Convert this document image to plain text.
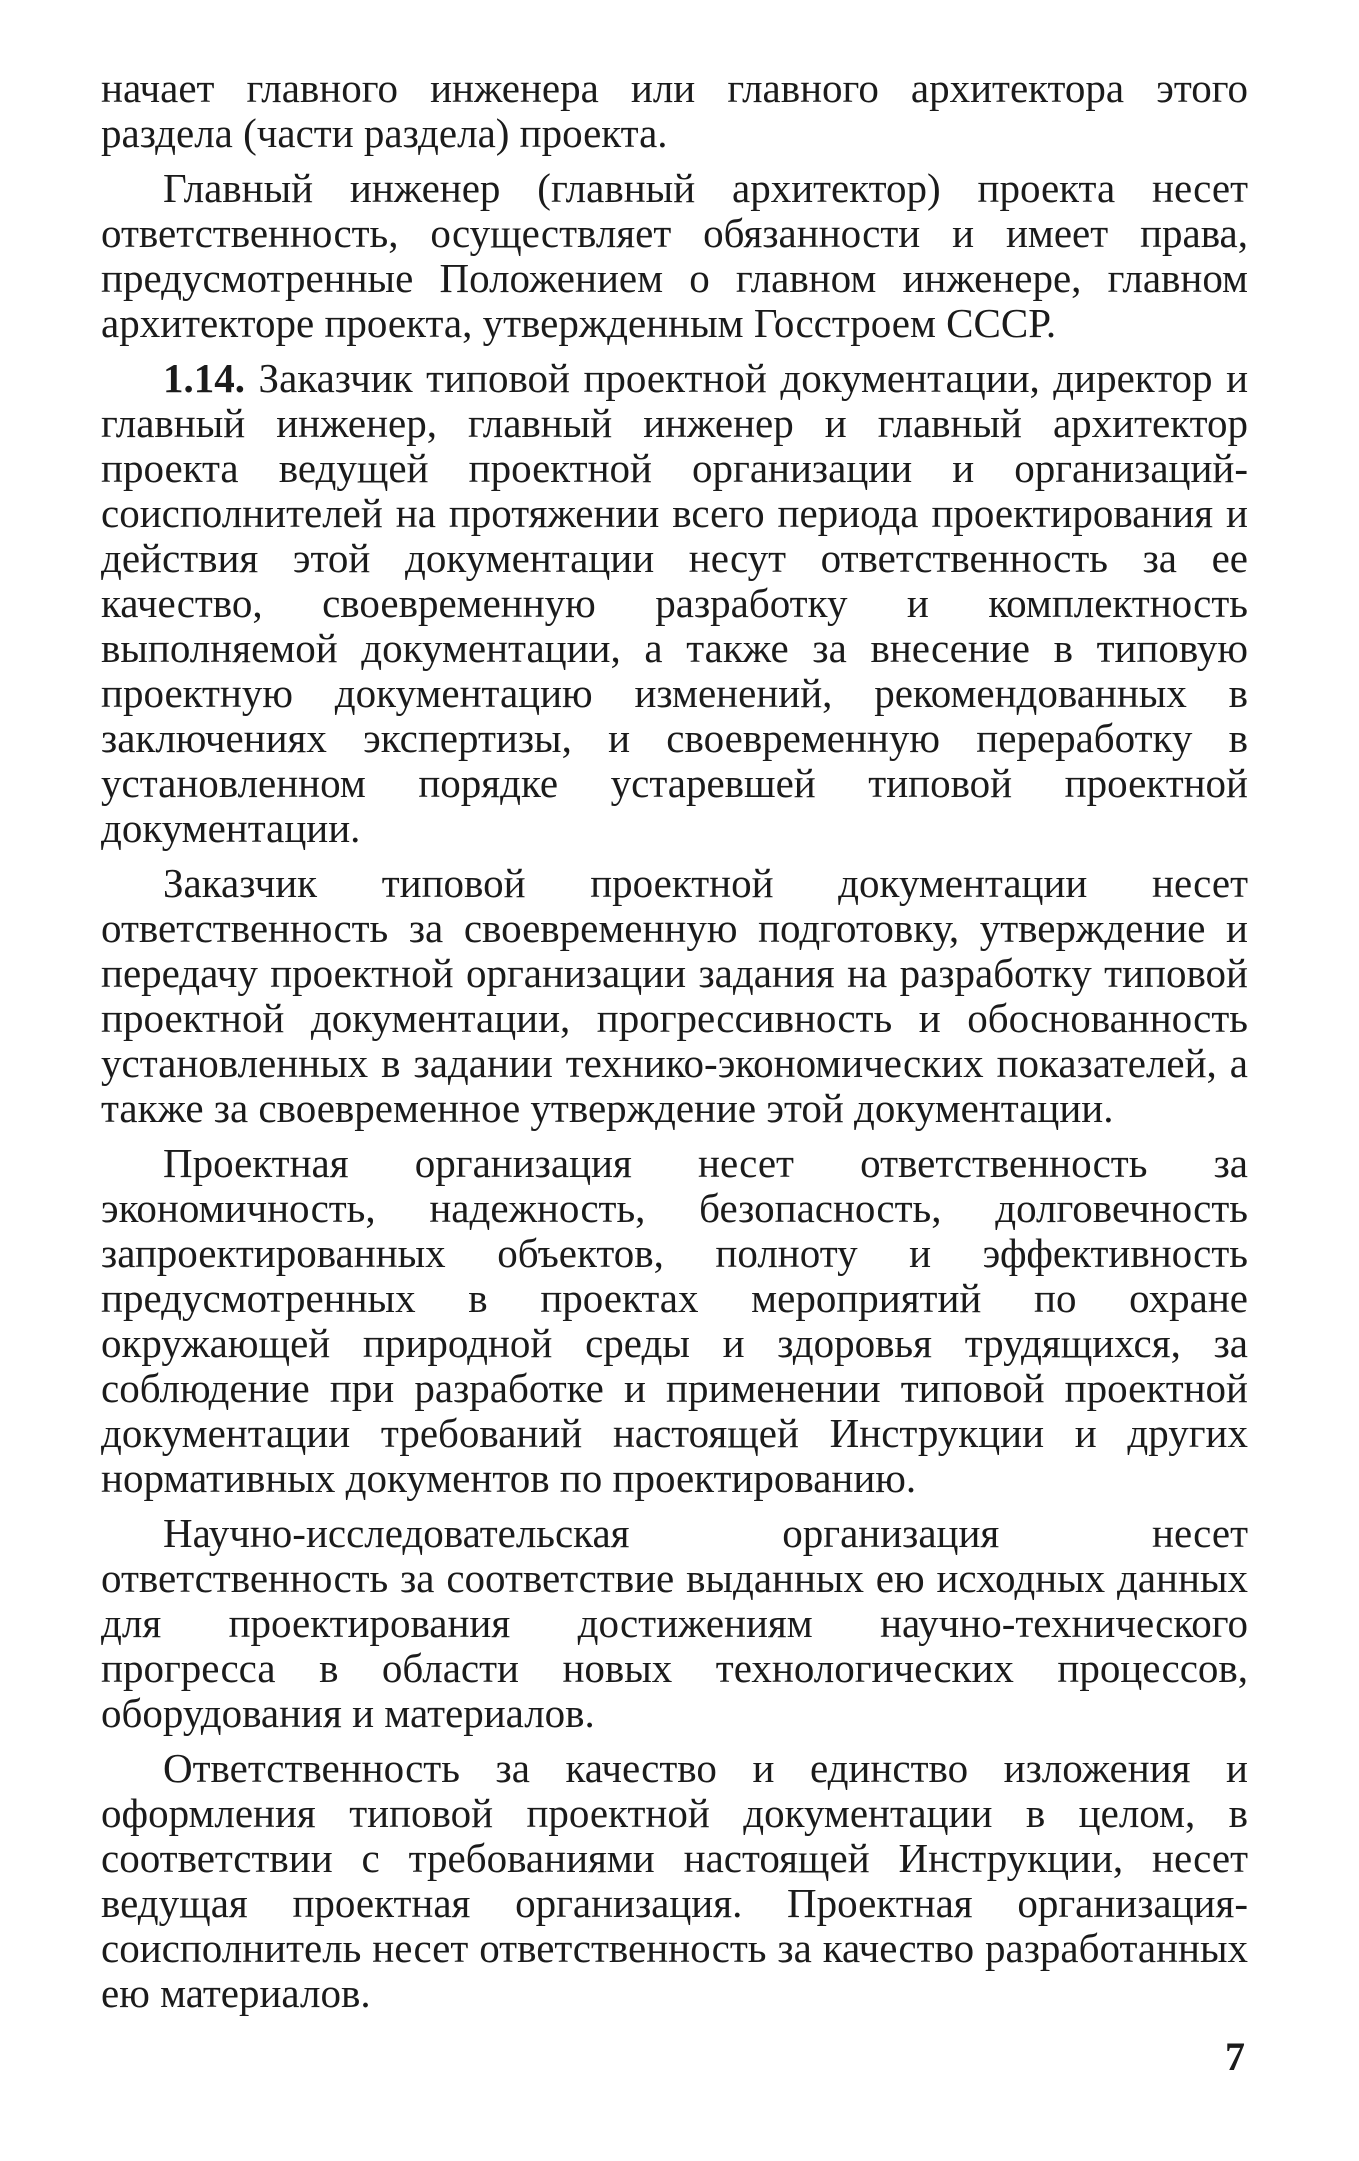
начает главного инженера или главного архитектора этого раздела (части раздела) проекта.

Главный инженер (главный архитектор) проекта несет ответственность, осуществляет обязанности и имеет права, предусмотренные Положением о главном инженере, главном архитекторе проекта, утвержденным Госстроем СССР.

1.14. Заказчик типовой проектной документации, директор и главный инженер, главный инженер и главный архитектор проекта ведущей проектной организации и организаций-соисполнителей на протяжении всего периода проектирования и действия этой документации несут ответственность за ее качество, своевременную разработку и комплектность выполняемой документации, а также за внесение в типовую проектную документацию изменений, рекомендованных в заключениях экспертизы, и своевременную переработку в установленном порядке устаревшей типовой проектной документации.

Заказчик типовой проектной документации несет ответственность за своевременную подготовку, утверждение и передачу проектной организации задания на разработку типовой проектной документации, прогрессивность и обоснованность установленных в задании технико-экономических показателей, а также за своевременное утверждение этой документации.

Проектная организация несет ответственность за экономичность, надежность, безопасность, долговечность запроектированных объектов, полноту и эффективность предусмотренных в проектах мероприятий по охране окружающей природной среды и здоровья трудящихся, за соблюдение при разработке и применении типовой проектной документации требований настоящей Инструкции и других нормативных документов по проектированию.

Научно-исследовательская организация несет ответственность за соответствие выданных ею исходных данных для проектирования достижениям научно-технического прогресса в области новых технологических процессов, оборудования и материалов.

Ответственность за качество и единство изложения и оформления типовой проектной документации в целом, в соответствии с требованиями настоящей Инструкции, несет ведущая проектная организация. Проектная организация-соисполнитель несет ответственность за качество разработанных ею материалов.

7
